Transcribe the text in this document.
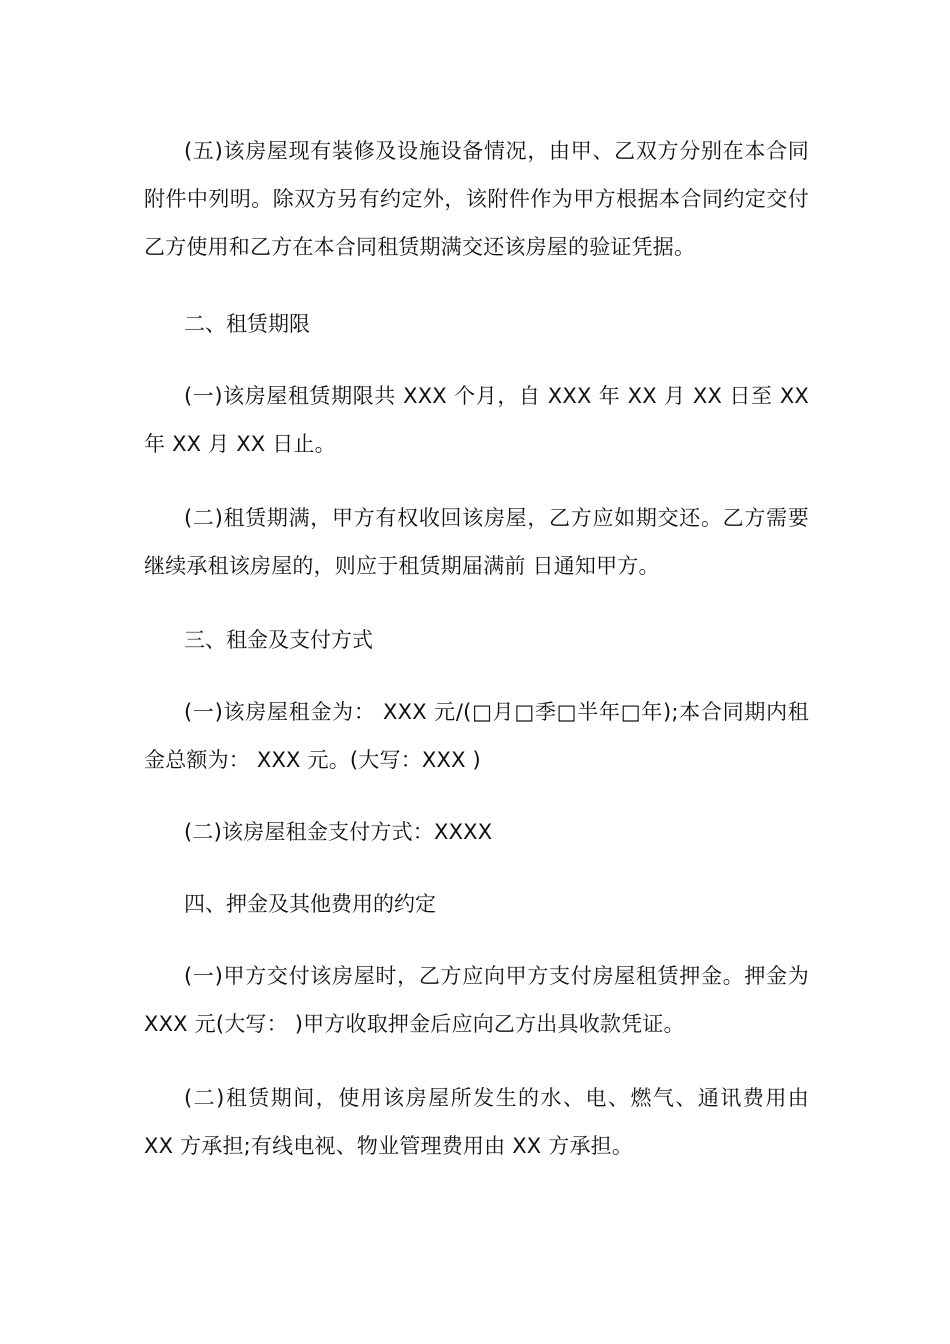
(五)该房屋现有装修及设施设备情况，由甲、乙双方分别在本合同附件中列明。除双方另有约定外，该附件作为甲方根据本合同约定交付乙方使用和乙方在本合同租赁期满交还该房屋的验证凭据。

二、租赁期限

(一)该房屋租赁期限共 XXX 个月，自 XXX 年 XX 月 XX 日至 XX 年 XX 月 XX 日止。

(二)租赁期满，甲方有权收回该房屋，乙方应如期交还。乙方需要继续承租该房屋的，则应于租赁期届满前 日通知甲方。

三、租金及支付方式

(一)该房屋租金为： XXX 元/(□月□季□半年□年);本合同期内租金总额为： XXX 元。(大写：XXX )

(二)该房屋租金支付方式：XXXX

四、押金及其他费用的约定

(一)甲方交付该房屋时，乙方应向甲方支付房屋租赁押金。押金为 XXX 元(大写： )甲方收取押金后应向乙方出具收款凭证。

(二)租赁期间，使用该房屋所发生的水、电、燃气、通讯费用由 XX 方承担;有线电视、物业管理费用由 XX 方承担。
